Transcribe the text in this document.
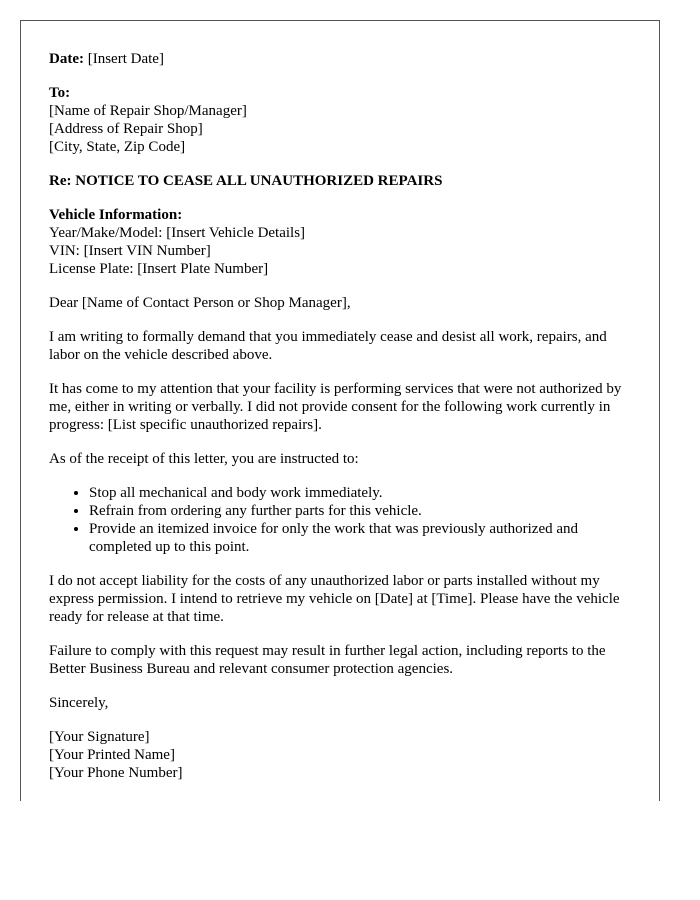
Date: [Insert Date]

To:
[Name of Repair Shop/Manager]
[Address of Repair Shop]
[City, State, Zip Code]

Re: NOTICE TO CEASE ALL UNAUTHORIZED REPAIRS

Vehicle Information:
Year/Make/Model: [Insert Vehicle Details]
VIN: [Insert VIN Number]
License Plate: [Insert Plate Number]

Dear [Name of Contact Person or Shop Manager],

I am writing to formally demand that you immediately cease and desist all work, repairs, and labor on the vehicle described above.

It has come to my attention that your facility is performing services that were not authorized by me, either in writing or verbally. I did not provide consent for the following work currently in progress: [List specific unauthorized repairs].

As of the receipt of this letter, you are instructed to:

• Stop all mechanical and body work immediately.
• Refrain from ordering any further parts for this vehicle.
• Provide an itemized invoice for only the work that was previously authorized and completed up to this point.

I do not accept liability for the costs of any unauthorized labor or parts installed without my express permission. I intend to retrieve my vehicle on [Date] at [Time]. Please have the vehicle ready for release at that time.

Failure to comply with this request may result in further legal action, including reports to the Better Business Bureau and relevant consumer protection agencies.

Sincerely,

[Your Signature]
[Your Printed Name]
[Your Phone Number]
